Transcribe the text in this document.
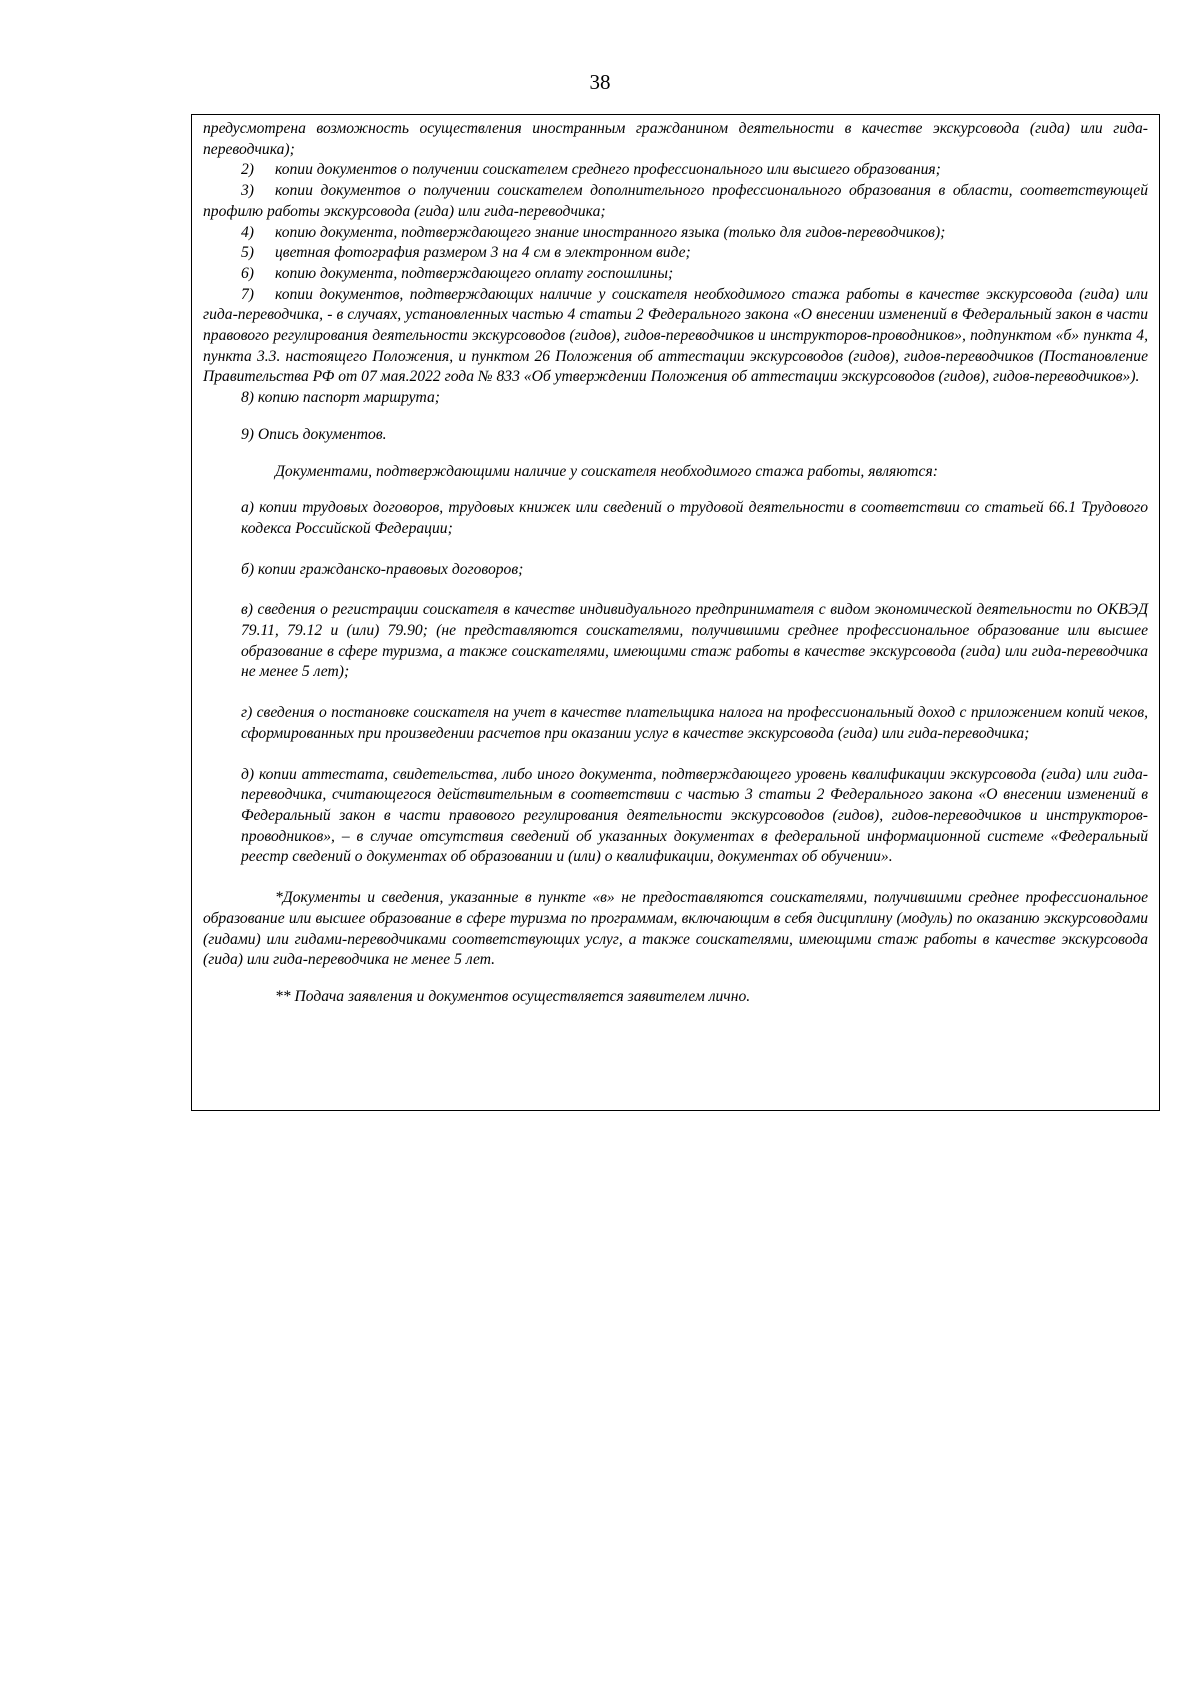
38

предусмотрена возможность осуществления иностранным гражданином деятельности в качестве экскурсовода (гида) или гида-переводчика);

2) копии документов о получении соискателем среднего профессионального или высшего образования;

3) копии документов о получении соискателем дополнительного профессионального образования в области, соответствующей профилю работы экскурсовода (гида) или гида-переводчика;

4) копию документа, подтверждающего знание иностранного языка (только для гидов-переводчиков);

5) цветная фотография размером 3 на 4 см в электронном виде;

6) копию документа, подтверждающего оплату госпошлины;

7) копии документов, подтверждающих наличие у соискателя необходимого стажа работы в качестве экскурсовода (гида) или гида-переводчика, - в случаях, установленных частью 4 статьи 2 Федерального закона «О внесении изменений в Федеральный закон в части правового регулирования деятельности экскурсоводов (гидов), гидов-переводчиков и инструкторов-проводников», подпунктом «б» пункта 4, пункта 3.3. настоящего Положения, и пунктом 26 Положения об аттестации экскурсоводов (гидов), гидов-переводчиков (Постановление Правительства РФ от 07 мая.2022 года № 833 «Об утверждении Положения об аттестации экскурсоводов (гидов), гидов-переводчиков»).

8) копию паспорт маршрута;

9) Опись документов.

Документами, подтверждающими наличие у соискателя необходимого стажа работы, являются:

а) копии трудовых договоров, трудовых книжек или сведений о трудовой деятельности в соответствии со статьей 66.1 Трудового кодекса Российской Федерации;

б) копии гражданско-правовых договоров;

в) сведения о регистрации соискателя в качестве индивидуального предпринимателя с видом экономической деятельности по ОКВЭД 79.11, 79.12 и (или) 79.90; (не представляются соискателями, получившими среднее профессиональное образование или высшее образование в сфере туризма, а также соискателями, имеющими стаж работы в качестве экскурсовода (гида) или гида-переводчика не менее 5 лет);

г) сведения о постановке соискателя на учет в качестве плательщика налога на профессиональный доход с приложением копий чеков, сформированных при произведении расчетов при оказании услуг в качестве экскурсовода (гида) или гида-переводчика;

д) копии аттестата, свидетельства, либо иного документа, подтверждающего уровень квалификации экскурсовода (гида) или гида-переводчика, считающегося действительным в соответствии с частью 3 статьи 2 Федерального закона «О внесении изменений в Федеральный закон в части правового регулирования деятельности экскурсоводов (гидов), гидов-переводчиков и инструкторов-проводников», – в случае отсутствия сведений об указанных документах в федеральной информационной системе «Федеральный реестр сведений о документах об образовании и (или) о квалификации, документах об обучении».

*Документы и сведения, указанные в пункте «в» не предоставляются соискателями, получившими среднее профессиональное образование или высшее образование в сфере туризма по программам, включающим в себя дисциплину (модуль) по оказанию экскурсоводами (гидами) или гидами-переводчиками соответствующих услуг, а также соискателями, имеющими стаж работы в качестве экскурсовода (гида) или гида-переводчика не менее 5 лет.

** Подача заявления и документов осуществляется заявителем лично.
